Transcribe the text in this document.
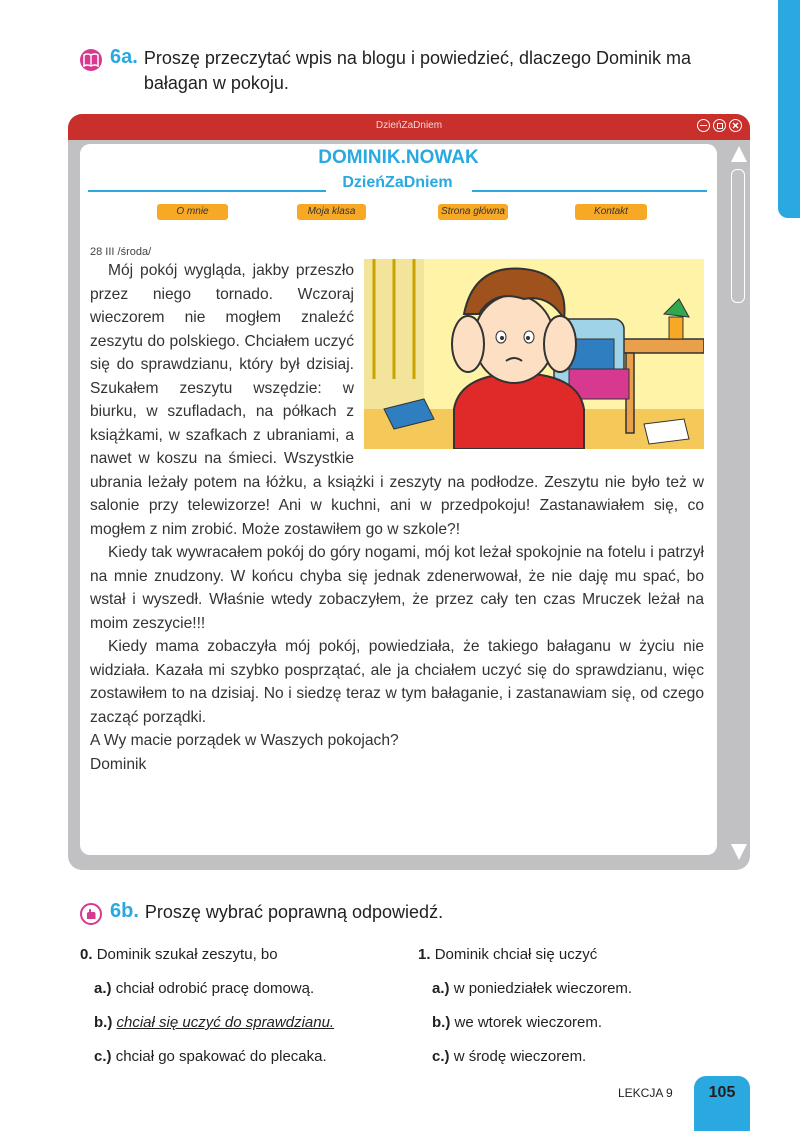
6a. Proszę przeczytać wpis na blogu i powiedzieć, dlaczego Dominik ma bałagan w pokoju.
DzieńZaDniem
DOMINIK.NOWAK
DzieńZaDniem
O mnie	Moja klasa	Strona główna	Kontakt
28 III /środa/

Mój pokój wygląda, jakby przeszło przez niego tornado. Wczoraj wieczorem nie mogłem znaleźć zeszytu do polskiego. Chciałem uczyć się do sprawdzianu, który był dzisiaj. Szukałem zeszytu wszędzie: w biurku, w szufladach, na półkach z książkami, w szafkach z ubraniami, a nawet w koszu na śmieci. Wszystkie ubrania leżały potem na łóżku, a książki i zeszyty na podłodze. Zeszytu nie było też w salonie przy telewizorze! Ani w kuchni, ani w przedpokoju! Zastanawiałem się, co mogłem z nim zrobić. Może zostawiłem go w szkole?!

Kiedy tak wywracałem pokój do góry nogami, mój kot leżał spokojnie na fotelu i patrzył na mnie znudzony. W końcu chyba się jednak zdenerwował, że nie daję mu spać, bo wstał i wyszedł. Właśnie wtedy zobaczyłem, że przez cały ten czas Mruczek leżał na moim zeszycie!!!

Kiedy mama zobaczyła mój pokój, powiedziała, że takiego bałaganu w życiu nie widziała. Kazała mi szybko posprzątać, ale ja chciałem uczyć się do sprawdzianu, więc zostawiłem to na dzisiaj. No i siedzę teraz w tym bałaganie, i zastanawiam się, od czego zacząć porządki.

A Wy macie porządek w Waszych pokojach?

Dominik

6b. Proszę wybrać poprawną odpowiedź.
0. Dominik szukał zeszytu, bo
a.) chciał odrobić pracę domową.
b.) chciał się uczyć do sprawdzianu.
c.) chciał go spakować do plecaka.
1. Dominik chciał się uczyć
a.) w poniedziałek wieczorem.
b.) we wtorek wieczorem.
c.) w środę wieczorem.
LEKCJA 9	105
